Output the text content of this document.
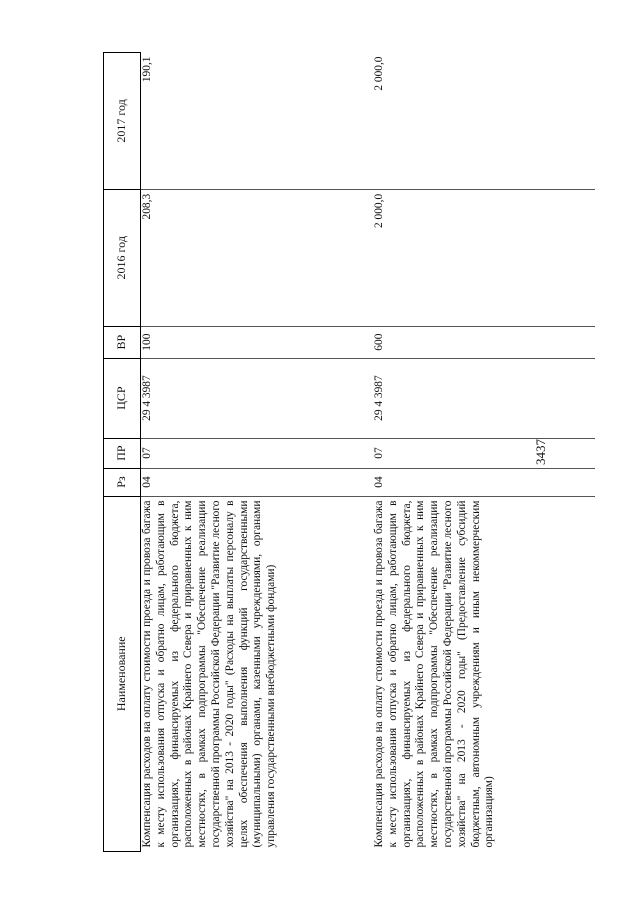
3437
Наименование	Рз	ПР	ЦСР	ВР	2016 год	2017 год
Компенсация расходов на оплату стоимости проезда и провоза багажа к месту использования отпуска и обратно лицам, работающим в организациях, финансируемых из федерального бюджета, расположенных в районах Крайнего Севера и приравненных к ним местностях, в рамках подпрограммы "Обеспечение реализации государственной программы Российской Федерации "Развитие лесного хозяйства" на 2013 - 2020 годы" (Расходы на выплаты персоналу в целях обеспечения выполнения функций государственными (муниципальными) органами, казенными учреждениями, органами управления государственными внебюджетными фондами)	04	07	29 4 3987	100	208,3	190,1
Компенсация расходов на оплату стоимости проезда и провоза багажа к месту использования отпуска и обратно лицам, работающим в организациях, финансируемых из федерального бюджета, расположенных в районах Крайнего Севера и приравненных к ним местностях, в рамках подпрограммы "Обеспечение реализации государственной программы Российской Федерации "Развитие лесного хозяйства" на 2013 - 2020 годы" (Предоставление субсидий бюджетным, автономным учреждениям и иным некоммерческим организациям)	04	07	29 4 3987	600	2 000,0	2 000,0
